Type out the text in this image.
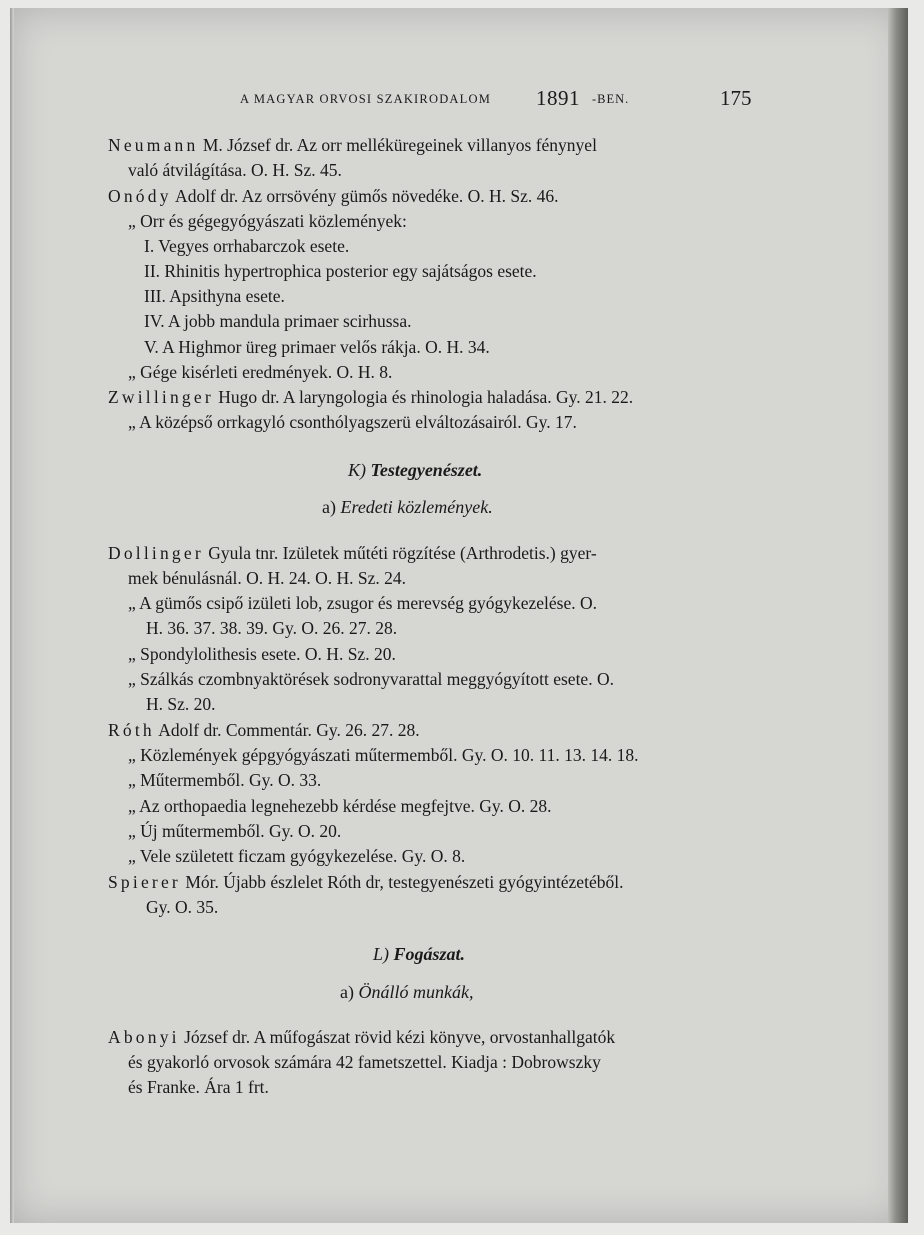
A MAGYAR ORVOSI SZAKIRODALOM 1891 -BEN.	175
Neumann M. József dr. Az orr melléküregeinek villanyos fénynyel
való átvilágítása. O. H. Sz. 45.
Onódy Adolf dr. Az orrsövény gümős növedéke. O. H. Sz. 46.
„ Orr és gégegyógyászati közlemények:
I. Vegyes orrhabarczok esete.
II. Rhinitis hypertrophica posterior egy sajátságos esete.
III. Apsithyna esete.
IV. A jobb mandula primaer scirhussa.
V. A Highmor üreg primaer velős rákja. O. H. 34.
„ Gége kisérleti eredmények. O. H. 8.
Zwillinger Hugo dr. A laryngologia és rhinologia haladása. Gy. 21. 22.
„ A középső orrkagyló csonthólyagszerü elváltozásairól. Gy. 17.
K) Testegyenészet.
a) Eredeti közlemények.
Dollinger Gyula tnr. Izületek műtéti rögzítése (Arthrodetis.) gyer-
mek bénulásnál. O. H. 24. O. H. Sz. 24.
„ A gümős csipő izületi lob, zsugor és merevség gyógykezelése. O.
H. 36. 37. 38. 39. Gy. O. 26. 27. 28.
„ Spondylolithesis esete. O. H. Sz. 20.
„ Szálkás czombnyaktörések sodronyvarattal meggyógyított esete. O.
H. Sz. 20.
Róth Adolf dr. Commentár. Gy. 26. 27. 28.
„ Közlemények gépgyógyászati műtermemből. Gy. O. 10. 11. 13. 14. 18.
„ Műtermemből. Gy. O. 33.
„ Az orthopaedia legnehezebb kérdése megfejtve. Gy. O. 28.
„ Új műtermemből. Gy. O. 20.
„ Vele született ficzam gyógykezelése. Gy. O. 8.
Spierer Mór. Újabb észlelet Róth dr, testegyenészeti gyógyintézetéből.
Gy. O. 35.
L) Fogászat.
a) Önálló munkák,
Abonyi József dr. A műfogászat rövid kézi könyve, orvostanhallgatók
és gyakorló orvosok számára 42 fametszettel. Kiadja : Dobrowszky
és Franke. Ára 1 frt.
